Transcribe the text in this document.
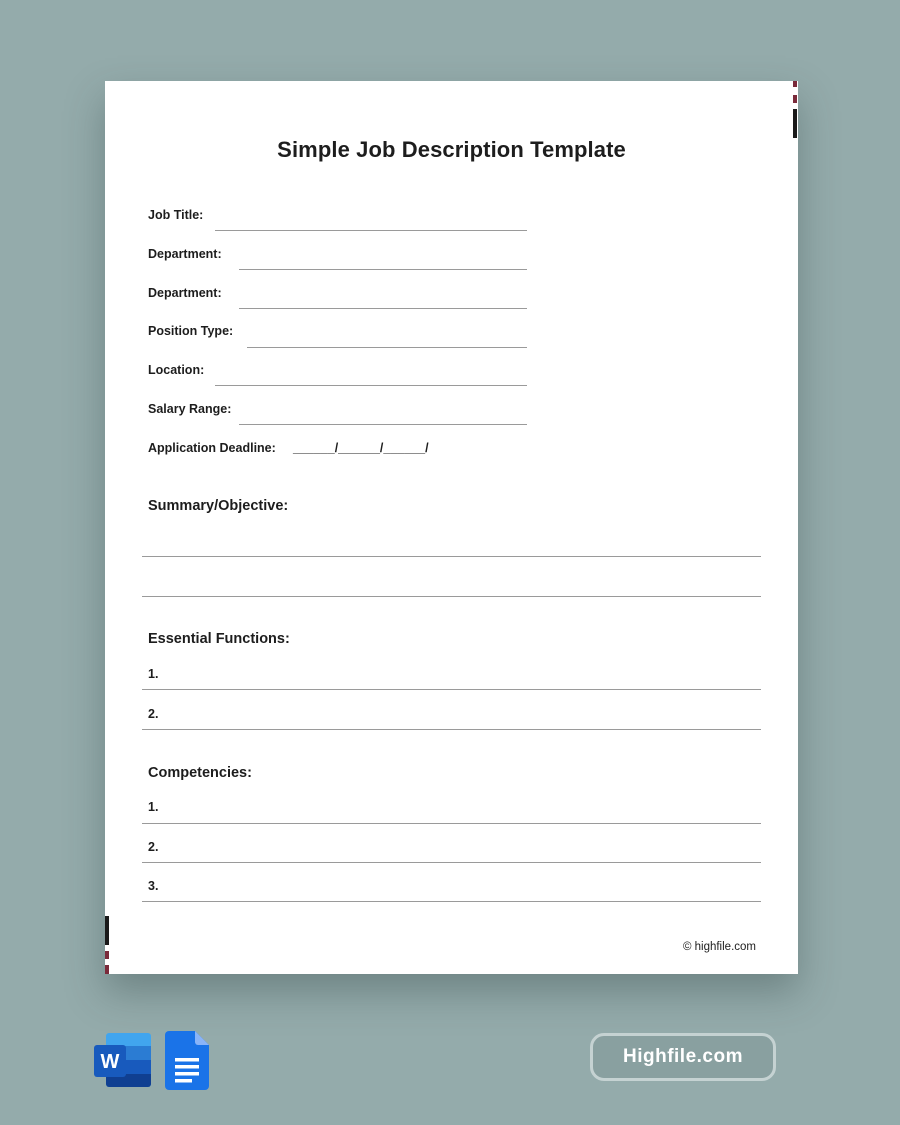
Simple Job Description Template
Job Title:
Department:
Department:
Position Type:
Location:
Salary Range:
Application Deadline: ______/______/______/
Summary/Objective:
Essential Functions:
1.
2.
Competencies:
1.
2.
3.
© highfile.com
W	Highfile.com
